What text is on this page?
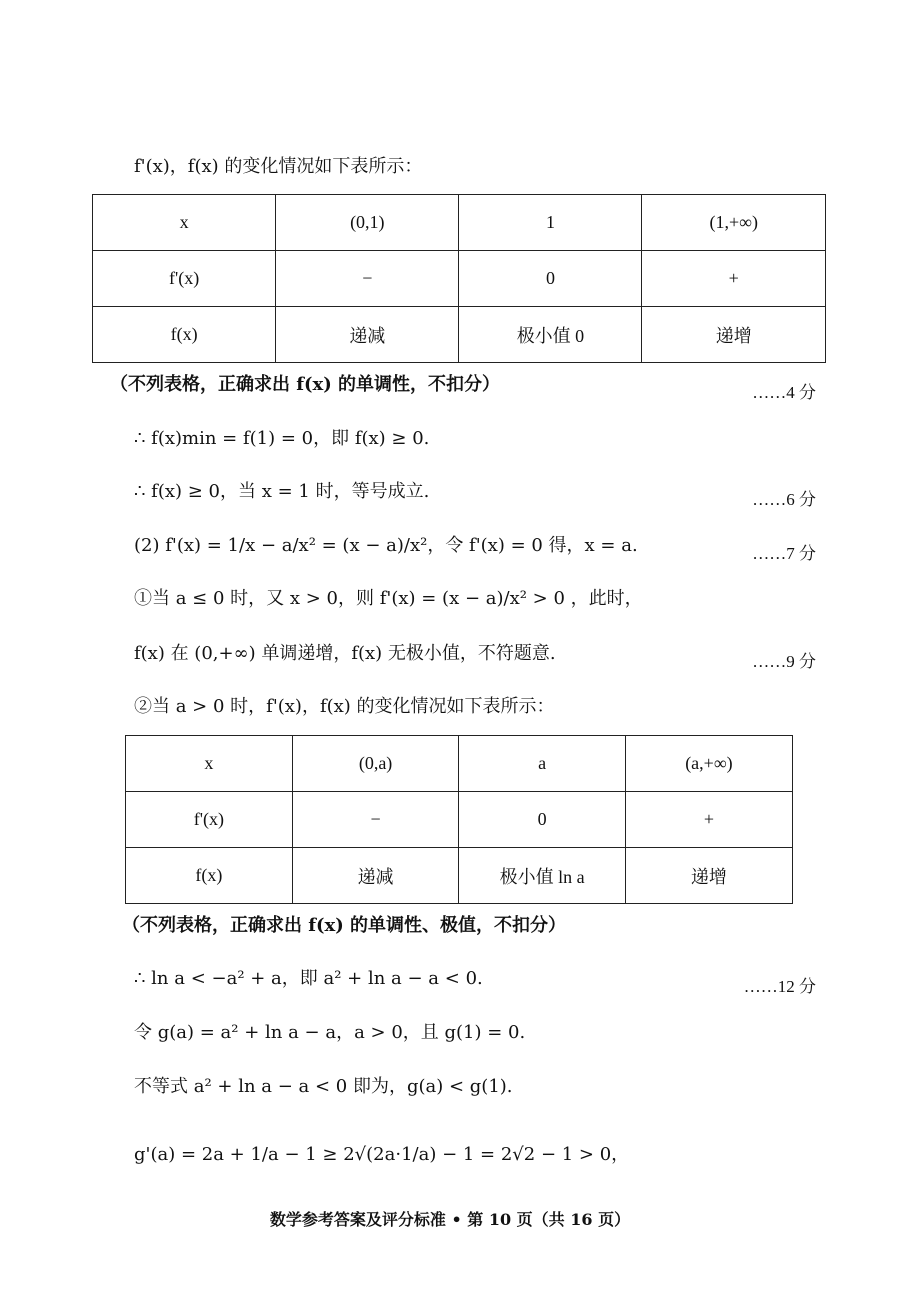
f'(x)，f(x) 的变化情况如下表所示：
x	(0,1)	1	(1,+∞)
f'(x)	−	0	+
f(x)	递减	极小值 0	递增
（不列表格，正确求出 f(x) 的单调性，不扣分）	……4 分
∴ f(x)min = f(1) = 0，即 f(x) ≥ 0.
∴ f(x) ≥ 0，当 x = 1 时，等号成立.	……6 分
(2) f'(x) = 1/x − a/x² = (x − a)/x²，令 f'(x) = 0 得，x = a.	……7 分
①当 a ≤ 0 时，又 x > 0，则 f'(x) = (x − a)/x² > 0 ，此时，
f(x) 在 (0,+∞) 单调递增，f(x) 无极小值，不符题意.	……9 分
②当 a > 0 时，f'(x)，f(x) 的变化情况如下表所示：
x	(0,a)	a	(a,+∞)
f'(x)	−	0	+
f(x)	递减	极小值 ln a	递增
（不列表格，正确求出 f(x) 的单调性、极值，不扣分）
∴ ln a < −a² + a，即 a² + ln a − a < 0.	……12 分
令 g(a) = a² + ln a − a，a > 0，且 g(1) = 0.
不等式 a² + ln a − a < 0 即为，g(a) < g(1).
g'(a) = 2a + 1/a − 1 ≥ 2√(2a·1/a) − 1 = 2√2 − 1 > 0，
数学参考答案及评分标准 • 第 10 页（共 16 页）
